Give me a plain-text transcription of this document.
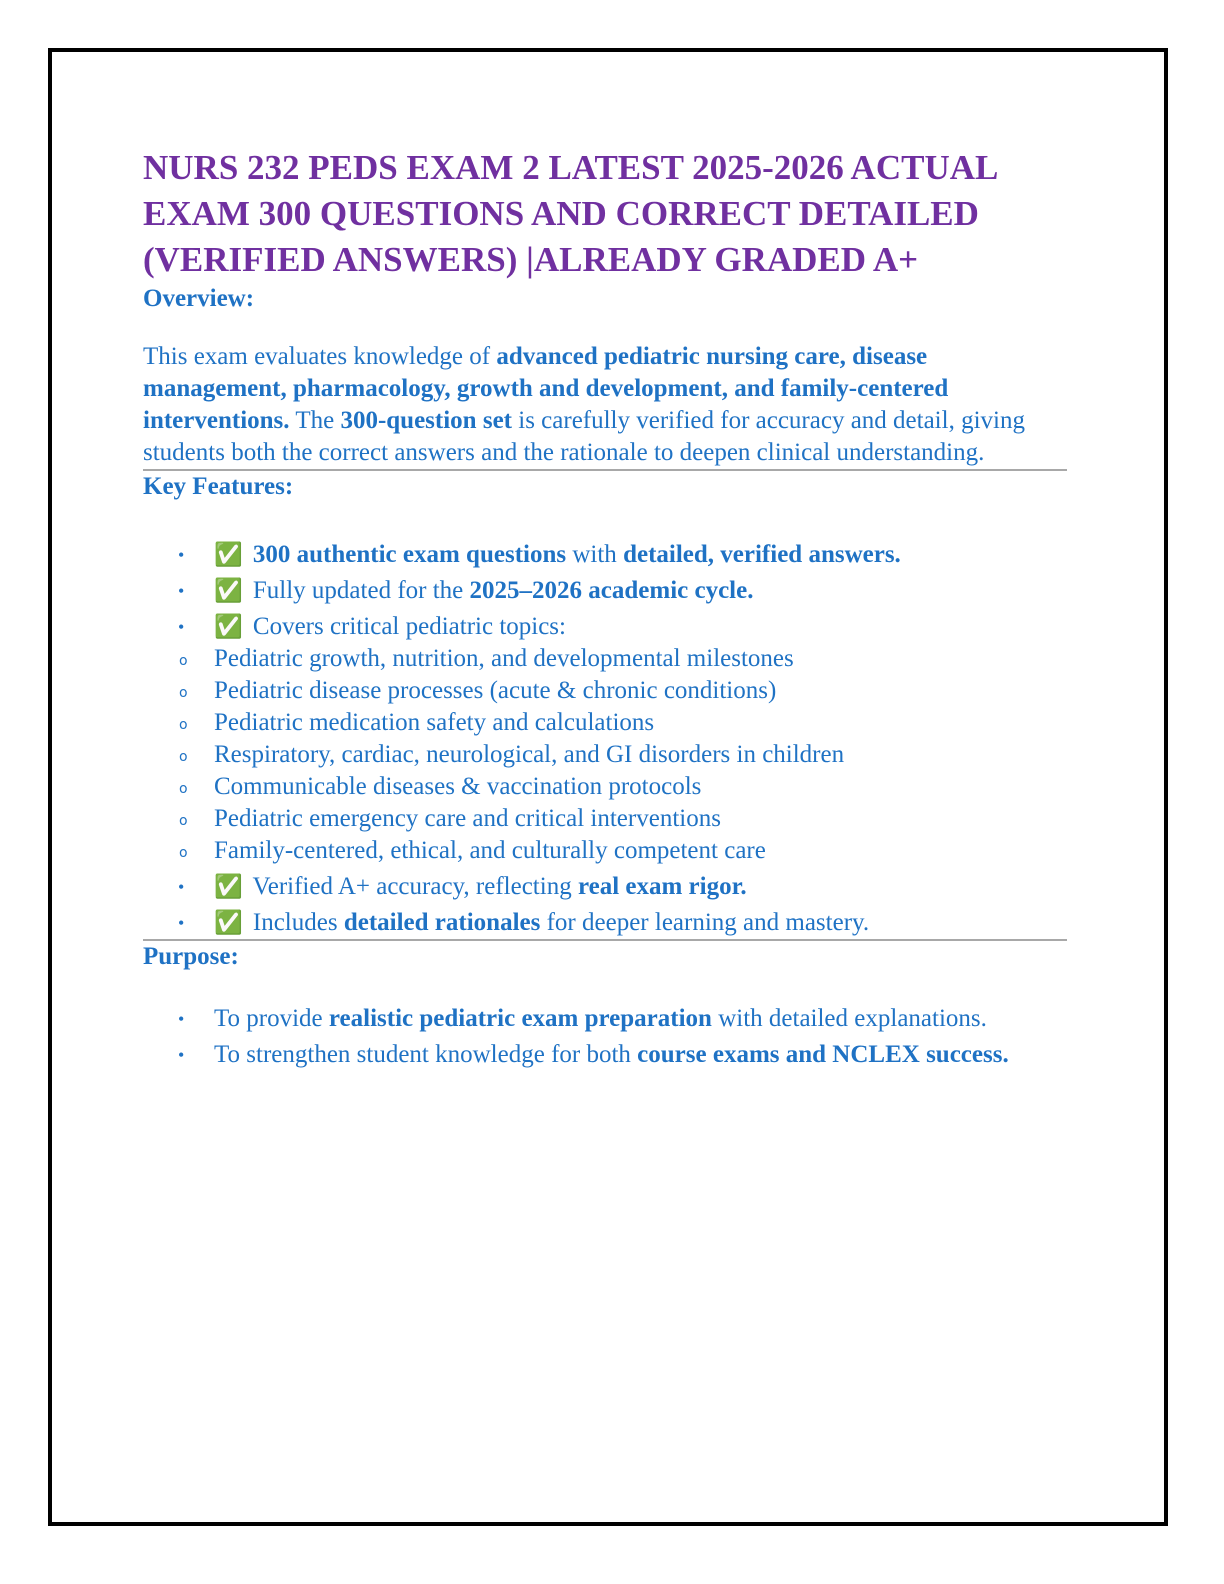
NURS 232 PEDS EXAM 2 LATEST 2025-2026 ACTUAL EXAM 300 QUESTIONS AND CORRECT DETAILED (VERIFIED ANSWERS) |ALREADY GRADED A+
Overview:

This exam evaluates knowledge of advanced pediatric nursing care, disease management, pharmacology, growth and development, and family-centered interventions. The 300-question set is carefully verified for accuracy and detail, giving students both the correct answers and the rationale to deepen clinical understanding.

Key Features:
• ✅ 300 authentic exam questions with detailed, verified answers.
• ✅ Fully updated for the 2025–2026 academic cycle.
• ✅ Covers critical pediatric topics:
o Pediatric growth, nutrition, and developmental milestones
o Pediatric disease processes (acute & chronic conditions)
o Pediatric medication safety and calculations
o Respiratory, cardiac, neurological, and GI disorders in children
o Communicable diseases & vaccination protocols
o Pediatric emergency care and critical interventions
o Family-centered, ethical, and culturally competent care
• ✅ Verified A+ accuracy, reflecting real exam rigor.
• ✅ Includes detailed rationales for deeper learning and mastery.
Purpose:
• To provide realistic pediatric exam preparation with detailed explanations.
• To strengthen student knowledge for both course exams and NCLEX success.
